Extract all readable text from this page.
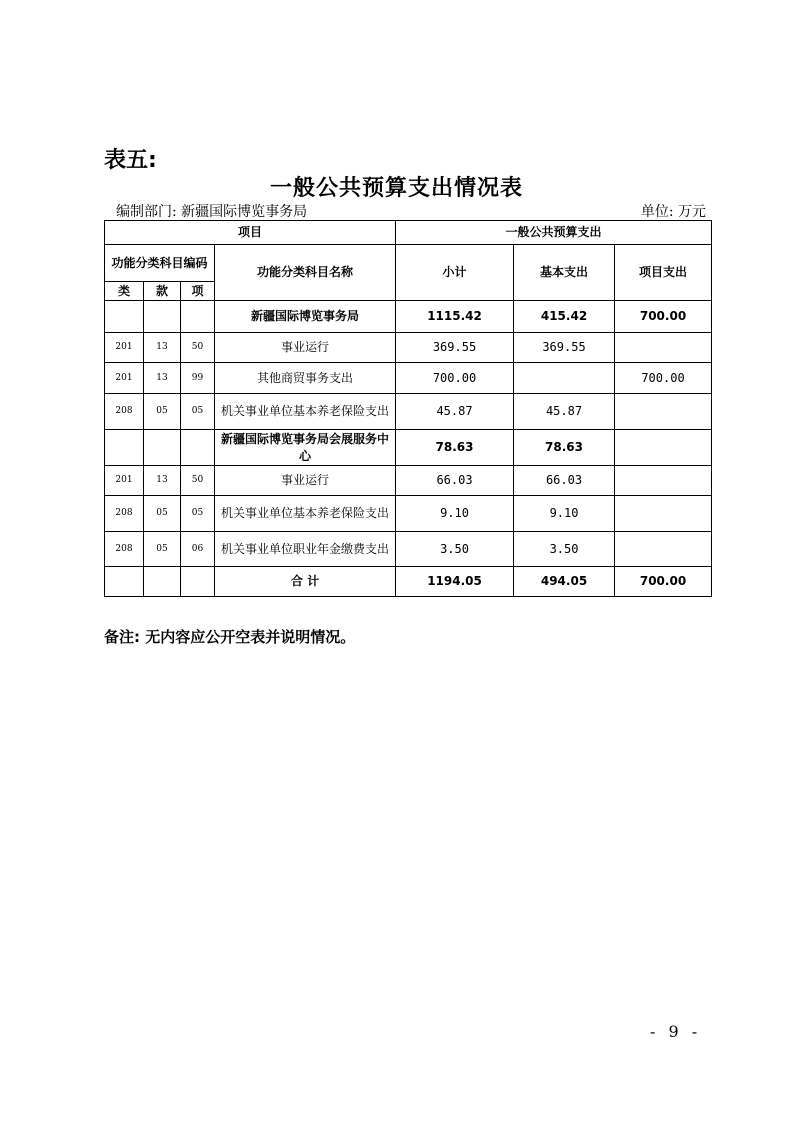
表五:
一般公共预算支出情况表
编制部门: 新疆国际博览事务局	单位: 万元
项目				一般公共预算支出		
功能分类科目编码			功能分类科目名称	小计	基本支出	项目支出
类	款	项				
			新疆国际博览事务局	1115.42	415.42	700.00
201	13	50	事业运行	369.55	369.55	
201	13	99	其他商贸事务支出	700.00		700.00
208	05	05	机关事业单位基本养老保险支出	45.87	45.87	
			新疆国际博览事务局会展服务中心	78.63	78.63	
201	13	50	事业运行	66.03	66.03	
208	05	05	机关事业单位基本养老保险支出	9.10	9.10	
208	05	06	机关事业单位职业年金缴费支出	3.50	3.50	
			合 计	1194.05	494.05	700.00
备注: 无内容应公开空表并说明情况。
- 9 -
